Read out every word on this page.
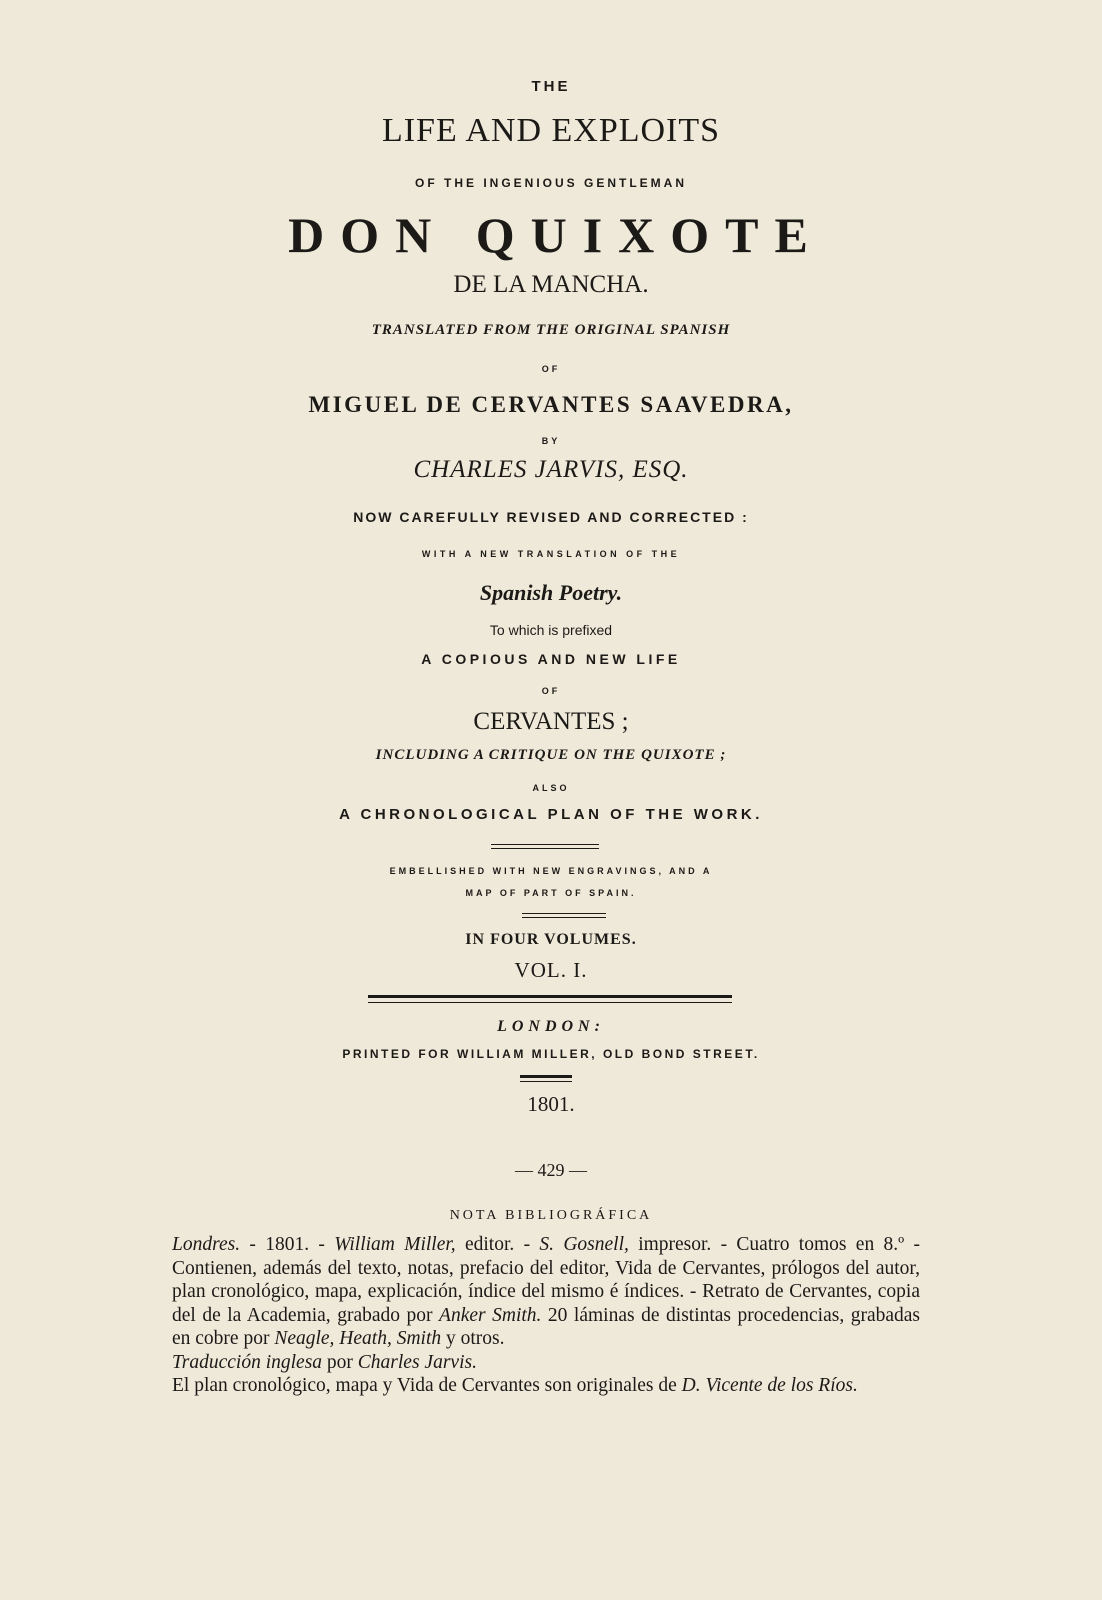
THE
LIFE AND EXPLOITS
OF THE INGENIOUS GENTLEMAN
DON QUIXOTE
DE LA MANCHA.
TRANSLATED FROM THE ORIGINAL SPANISH
OF
MIGUEL DE CERVANTES SAAVEDRA,
BY
CHARLES JARVIS, ESQ.
NOW CAREFULLY REVISED AND CORRECTED :
WITH A NEW TRANSLATION OF THE
Spanish Poetry.
To which is prefixed
A COPIOUS AND NEW LIFE
OF
CERVANTES ;
INCLUDING A CRITIQUE ON THE QUIXOTE ;
ALSO
A CHRONOLOGICAL PLAN OF THE WORK.
EMBELLISHED WITH NEW ENGRAVINGS, AND A
MAP OF PART OF SPAIN.
IN FOUR VOLUMES.
VOL. I.
LONDON:
PRINTED FOR WILLIAM MILLER, OLD BOND STREET.
1801.
— 429 —
NOTA BIBLIOGRÁFICA

Londres. - 1801. - William Miller, editor. - S. Gosnell, impresor. - Cuatro tomos en 8.º - Contienen, además del texto, notas, prefacio del editor, Vida de Cervantes, prólogos del autor, plan cronológico, mapa, explicación, índice del mismo é índices. - Retrato de Cervantes, copia del de la Academia, grabado por Anker Smith. 20 láminas de distintas procedencias, grabadas en cobre por Neagle, Heath, Smith y otros.

Traducción inglesa por Charles Jarvis.

El plan cronológico, mapa y Vida de Cervantes son originales de D. Vicente de los Ríos.
